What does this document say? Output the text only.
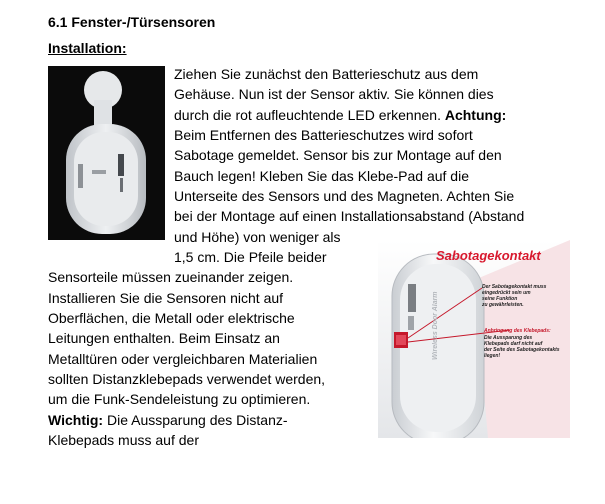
6.1 Fenster-/Türsensoren
Installation:
Ziehen Sie zunächst den Batterieschutz aus dem
Gehäuse. Nun ist der Sensor aktiv. Sie können dies
durch die rot aufleuchtende LED erkennen. Achtung:
Beim Entfernen des Batterieschutzes wird sofort
Sabotage gemeldet. Sensor bis zur Montage auf den
Bauch legen! Kleben Sie das Klebe-Pad auf die
Unterseite des Sensors und des Magneten. Achten Sie
bei der Montage auf einen Installationsabstand (Abstand
und Höhe) von weniger als
1,5 cm. Die Pfeile beider
Sensorteile müssen zueinander zeigen.
Installieren Sie die Sensoren nicht auf
Oberflächen, die Metall oder elektrische
Leitungen enthalten. Beim Einsatz an
Metalltüren oder vergleichbaren Materialien
sollten Distanzklebepads verwendet werden,
um die Funk-Sendeleistung zu optimieren.
Wichtig: Die Aussparung des Distanz-
Klebepads muss auf der
Sabotagekontakt
Wireless Door Alarm
Der Sabotagekontakt muss
eingedrückt sein um
seine Funktion
zu gewährleisten.
Anbringung des Klebepads:
Die Aussparung des
Klebepads darf nicht auf
der Seite des Sabotagekontakts
liegen!
